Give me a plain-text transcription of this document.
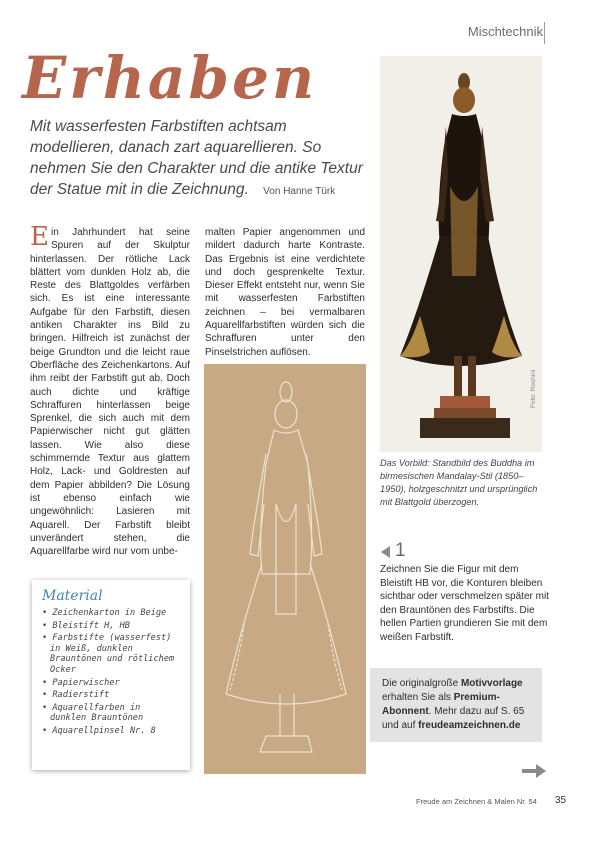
Mischtechnik
Erhaben

Mit wasserfesten Farbstiften achtsam modellieren, danach zart aquarellieren. So nehmen Sie den Charakter und die antike Textur der Statue mit in die Zeichnung. Von Hanne Türk

Ein Jahrhundert hat seine Spuren auf der Skulptur hinterlassen. Der rötliche Lack blättert vom dunklen Holz ab, die Reste des Blattgoldes verfärben sich. Es ist eine interessante Aufgabe für den Farbstift, diesen antiken Charakter ins Bild zu bringen. Hilfreich ist zunächst der beige Grundton und die leicht raue Oberfläche des Zeichenkartons. Auf ihm reibt der Farbstift gut ab. Doch auch dichte und kräftige Schraffuren hinterlassen beige Sprenkel, die sich auch mit dem Papierwischer nicht gut glätten lassen. Wie also diese schimmernde Textur aus glattem Holz, Lack- und Goldresten auf dem Papier abbilden? Die Lösung ist ebenso einfach wie ungewöhnlich: Lasieren mit Aquarell. Der Farbstift bleibt unverändert stehen, die Aquarellfarbe wird nur vom unbe-
malten Papier angenommen und mildert dadurch harte Kontraste. Das Ergebnis ist eine verdichtete und doch gesprenkelte Textur. Dieser Effekt entsteht nur, wenn Sie mit wasserfesten Farbstiften zeichnen – bei vermalbaren Aquarellfarbstiften würden sich die Schraffuren unter den Pinselstrichen auflösen.
Foto: Roshini

Das Vorbild: Standbild des Buddha im birmesischen Mandalay-Stil (1850–1950), holzgeschnitzt und ursprünglich mit Blattgold überzogen.

1

Zeichnen Sie die Figur mit dem Bleistift HB vor, die Konturen bleiben sichtbar oder verschmelzen später mit den Brauntönen des Farbstifts. Die hellen Partien grundieren Sie mit dem weißen Farbstift.

Die originalgroße Motivvorlage erhalten Sie als Premium-Abonnent. Mehr dazu auf S. 65 und auf freudeamzeichnen.de
Material
• Zeichenkarton in Beige
• Bleistift H, HB
• Farbstifte (wasserfest) in Weiß, dunklen Brauntönen und rötlichem Ocker
• Papierwischer
• Radierstift
• Aquarellfarben in dunklen Brauntönen
• Aquarellpinsel Nr. 8
Freude am Zeichnen & Malen Nr. 54 35
